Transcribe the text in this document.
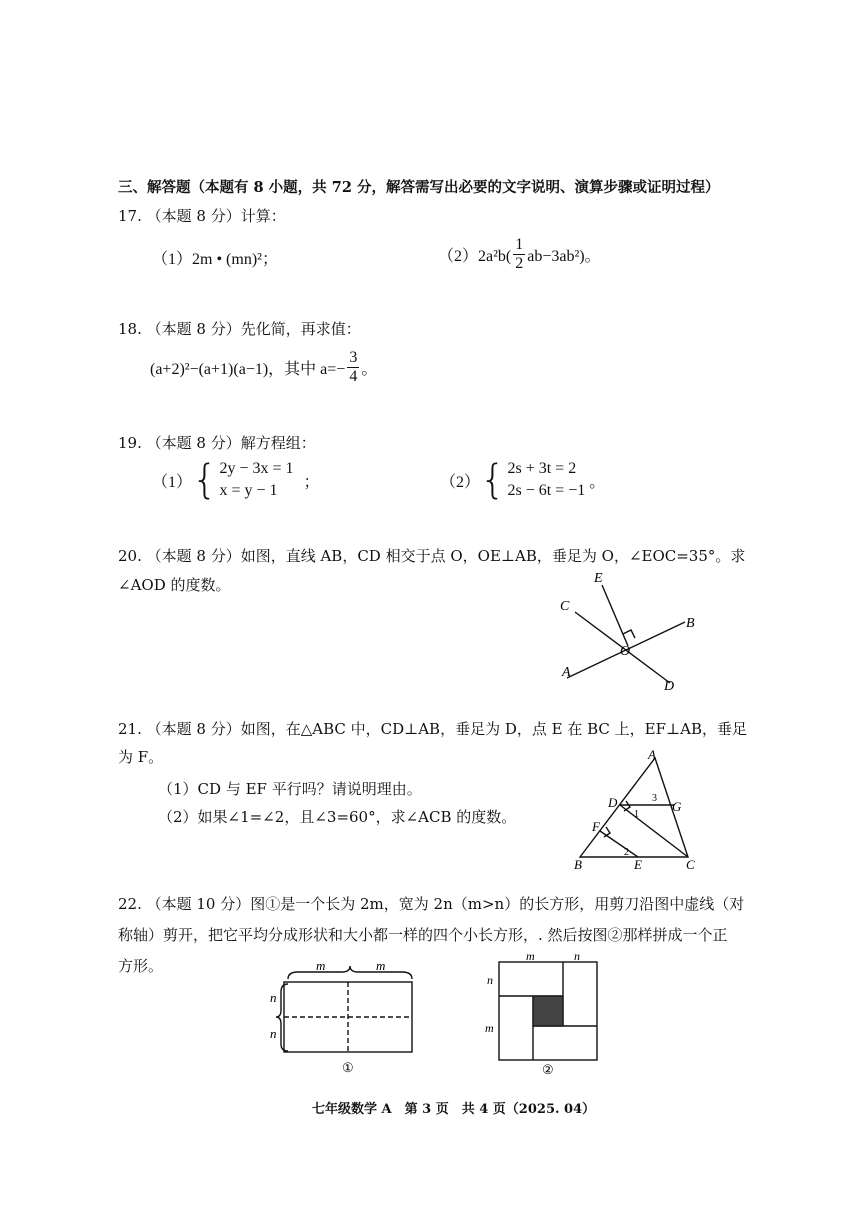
三、解答题（本题有 8 小题，共 72 分，解答需写出必要的文字说明、演算步骤或证明过程）
17. （本题 8 分）计算：
（1）2m • (mn)²；	$(2)2a^2b( \frac{1}{2} ab-3ab^2)$。
18. （本题 8 分）先化简，再求值：
(a+2)²−(a+1)(a−1)，其中 $a=- \frac{3}{4}$ 。
19. （本题 8 分）解方程组：
（1） { 2y − 3x = 1
x = y − 1	；	（2） { 2s + 3t = 2
2s − 6t = −1 。
20. （本题 8 分）如图，直线 AB，CD 相交于点 O，OE⊥AB，垂足为 O，∠EOC=35°。求
∠AOD 的度数。	E
C
B
O
A
D
21. （本题 8 分）如图，在△ABC 中，CD⊥AB，垂足为 D，点 E 在 BC 上，EF⊥AB，垂足
为 F。
（1）CD 与 EF 平行吗？请说明理由。
（2）如果∠1=∠2，且∠3=60°，求∠ACB 的度数。
A
D	G
F
B	E	C
1
2
3
22. （本题 10 分）图①是一个长为 2m，宽为 2n（m>n）的长方形，用剪刀沿图中虚线（对
称轴）剪开，把它平均分成形状和大小都一样的四个小长方形，. 然后按图②那样拼成一个正
方形。	m	m
n
n
①
m	n
n
m
②
七年级数学 A　第 3 页　共 4 页（2025. 04）
